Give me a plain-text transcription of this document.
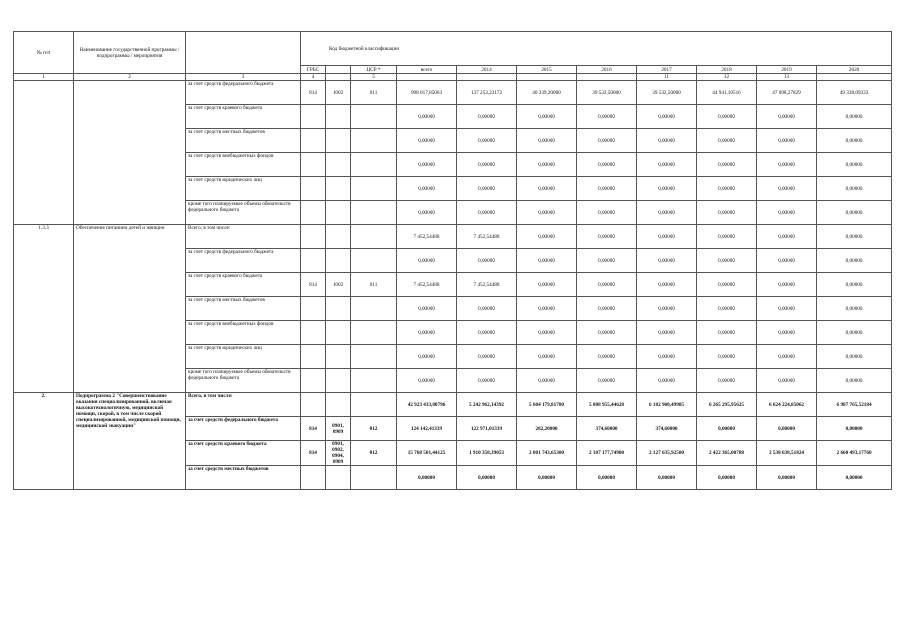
№ п/п	Наименование государственной программы / подпрограммы / мероприятия		Код бюджетной классификации										
			ГРБС		ЦСР *	всего	2014	2015	2016	2017	2018	2019	2020
1	2	3	4		5					11	12	13	
		за счет средств федерального бюджета	814	1003	011	998 017,85063	137 253,23172	40 339,20000	39 532,50000	39 532,50000	44 941,10516	47 098,27829	49 338,09333
		за счет средств краевого бюджета				0,00000	0,00000	0,00000	0,00000	0,00000	0,00000	0,00000	0,00000
		за счет средств местных бюджетов				0,00000	0,00000	0,00000	0,00000	0,00000	0,00000	0,00000	0,00000
		за счет средств внебюджетных фондов				0,00000	0,00000	0,00000	0,00000	0,00000	0,00000	0,00000	0,00000
		за счет средств юридических лиц				0,00000	0,00000	0,00000	0,00000	0,00000	0,00000	0,00000	0,00000
		кроме того планируемые объемы обязательств федерального бюджета				0,00000	0,00000	0,00000	0,00000	0,00000	0,00000	0,00000	0,00000
1.3.3	Обеспечение питанием детей и женщин	Всего, в том числе:				7 452,54488	7 452,54488	0,00000	0,00000	0,00000	0,00000	0,00000	0,00000
		за счет средств федерального бюджета				0,00000	0,00000	0,00000	0,00000	0,00000	0,00000	0,00000	0,00000
		за счет средств краевого бюджета	814	1003	011	7 452,54488	7 452,54488	0,00000	0,00000	0,00000	0,00000	0,00000	0,00000
		за счет средств местных бюджетов				0,00000	0,00000	0,00000	0,00000	0,00000	0,00000	0,00000	0,00000
		за счет средств внебюджетных фондов				0,00000	0,00000	0,00000	0,00000	0,00000	0,00000	0,00000	0,00000
		за счет средств юридических лиц				0,00000	0,00000	0,00000	0,00000	0,00000	0,00000	0,00000	0,00000
		кроме того планируемые объемы обязательств федерального бюджета				0,00000	0,00000	0,00000	0,00000	0,00000	0,00000	0,00000	0,00000
2.	Подпрограмма 2 "Совершенствование оказания специализированной, включая высокотехнологичную, медицинской помощи, скорой, в том числе скорой специализированной, медицинской помощи, медицинской эвакуации"	Всего, в том числе:				42 923 433,80796	5 242 962,14392	5 604 179,81780	5 808 955,44628	6 182 900,49905	6 265 295,95625	6 624 224,85062	6 987 765,52184
		за счет средств федерального бюджета	814	0901, 0909	012	124 142,41339	122 971,01339	282,20000	374,60000	374,60000	0,00000	0,00000	0,00000
		за счет средств краевого бюджета	814	0901, 0902, 0904, 0909	012	15 768 501,44125	1 910 358,39053	2 001 743,65300	2 107 177,74900	2 127 635,92500	2 422 365,00788	2 538 638,51824	2 660 493,17760
		за счет средств местных бюджетов				0,00000	0,00000	0,00000	0,00000	0,00000	0,00000	0,00000	0,00000
